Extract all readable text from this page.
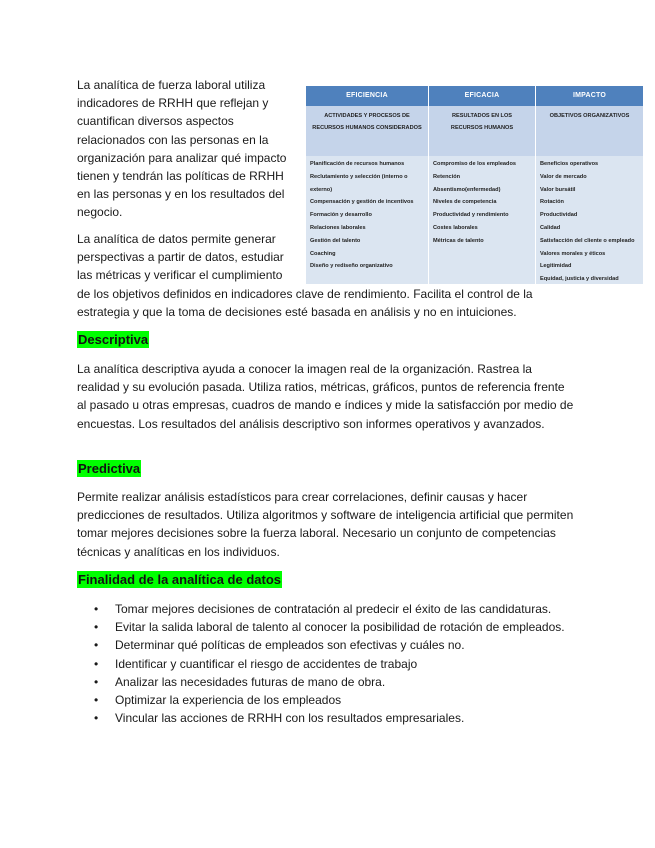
La analítica de fuerza laboral utiliza indicadores de RRHH que reflejan y cuantifican diversos aspectos relacionados con las personas en la organización para analizar qué impacto tienen y tendrán las políticas de RRHH en las personas y en los resultados del negocio.

La analítica de datos permite generar perspectivas a partir de datos, estudiar las métricas y verificar el cumplimiento

EFICIENCIA	EFICACIA	IMPACTO
ACTIVIDADES Y PROCESOS DE RECURSOS HUMANOS CONSIDERADOS
RESULTADOS EN LOS RECURSOS HUMANOS
OBJETIVOS ORGANIZATIVOS
Planificación de recursos humanos
Reclutamiento y selección (interno o
externo)
Compensación y gestión de incentivos
Formación y desarrollo
Relaciones laborales
Gestión del talento
Coaching
Diseño y rediseño organizativo
Compromiso de los empleados
Retención
Absentismo(enfermedad)
Niveles de competencia
Productividad y rendimiento
Costes laborales
Métricas de talento
Beneficios operativos
Valor de mercado
Valor bursátil
Rotación
Productividad
Calidad
Satisfacción del cliente o empleado
Valores morales y éticos
Legitimidad
Equidad, justicia y diversidad

de los objetivos definidos en indicadores clave de rendimiento. Facilita el control de la estrategia y que la toma de decisiones esté basada en análisis y no en intuiciones.

Descriptiva

La analítica descriptiva ayuda a conocer la imagen real de la organización. Rastrea la realidad y su evolución pasada. Utiliza ratios, métricas, gráficos, puntos de referencia frente al pasado u otras empresas, cuadros de mando e índices y mide la satisfacción por medio de encuestas. Los resultados del análisis descriptivo son informes operativos y avanzados.

Predictiva

Permite realizar análisis estadísticos para crear correlaciones, definir causas y hacer predicciones de resultados. Utiliza algoritmos y software de inteligencia artificial que permiten tomar mejores decisiones sobre la fuerza laboral. Necesario un conjunto de competencias técnicas y analíticas en los individuos.

Finalidad de la analítica de datos
• Tomar mejores decisiones de contratación al predecir el éxito de las candidaturas.
• Evitar la salida laboral de talento al conocer la posibilidad de rotación de empleados.
• Determinar qué políticas de empleados son efectivas y cuáles no.
• Identificar y cuantificar el riesgo de accidentes de trabajo
• Analizar las necesidades futuras de mano de obra.
• Optimizar la experiencia de los empleados
• Vincular las acciones de RRHH con los resultados empresariales.
